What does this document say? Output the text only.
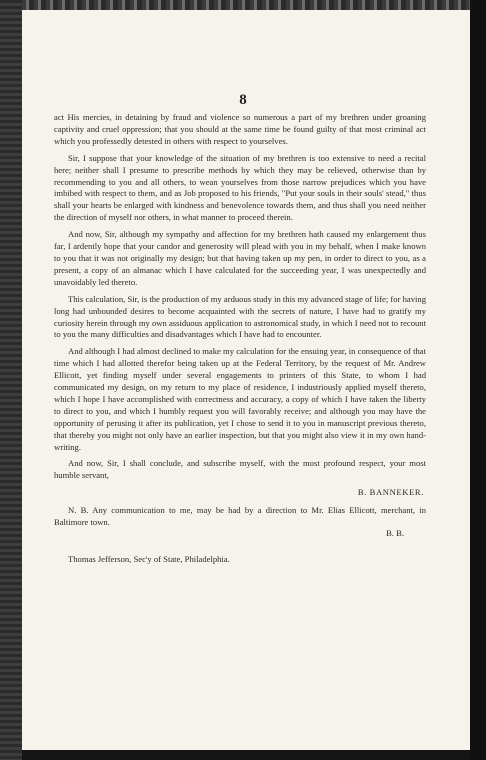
8

act His mercies, in detaining by fraud and violence so numerous a part of my brethren under groaning captivity and cruel oppression; that you should at the same time be found guilty of that most criminal act which you professedly detested in others with respect to yourselves.

Sir, I suppose that your knowledge of the situation of my brethren is too extensive to need a recital here; neither shall I presume to prescribe methods by which they may be relieved, otherwise than by recommending to you and all others, to wean yourselves from those narrow prejudices which you have imbibed with respect to them, and as Job proposed to his friends, "Put your souls in their souls' stead," thus shall your hearts be enlarged with kindness and benevolence towards them, and thus shall you need neither the direction of myself nor others, in what manner to proceed therein.

And now, Sir, although my sympathy and affection for my brethren hath caused my enlargement thus far, I ardently hope that your candor and generosity will plead with you in my behalf, when I make known to you that it was not originally my design; but that having taken up my pen, in order to direct to you, as a present, a copy of an almanac which I have calculated for the succeeding year, I was unexpectedly and unavoidably led thereto.

This calculation, Sir, is the production of my arduous study in this my advanced stage of life; for having long had unbounded desires to become acquainted with the secrets of nature, I have had to gratify my curiosity herein through my own assiduous application to astronomical study, in which I need not to recount to you the many difficulties and disadvantages which I have had to encounter.

And although I had almost declined to make my calculation for the ensuing year, in consequence of that time which I had allotted therefor being taken up at the Federal Territory, by the request of Mr. Andrew Ellicott, yet finding myself under several engagements to printers of this State, to whom I had communicated my design, on my return to my place of residence, I industriously applied myself thereto, which I hope I have accomplished with correctness and accuracy, a copy of which I have taken the liberty to direct to you, and which I humbly request you will favorably receive; and although you may have the opportunity of perusing it after its publication, yet I chose to send it to you in manuscript previous thereto, that thereby you might not only have an earlier inspection, but that you might also view it in my own hand-writing.

And now, Sir, I shall conclude, and subscribe myself, with the most profound respect, your most humble servant,

B. BANNEKER.

N. B. Any communication to me, may be had by a direction to Mr. Elias Ellicott, merchant, in Baltimore town.

B. B.

Thomas Jefferson, Sec'y of State, Philadelphia.
